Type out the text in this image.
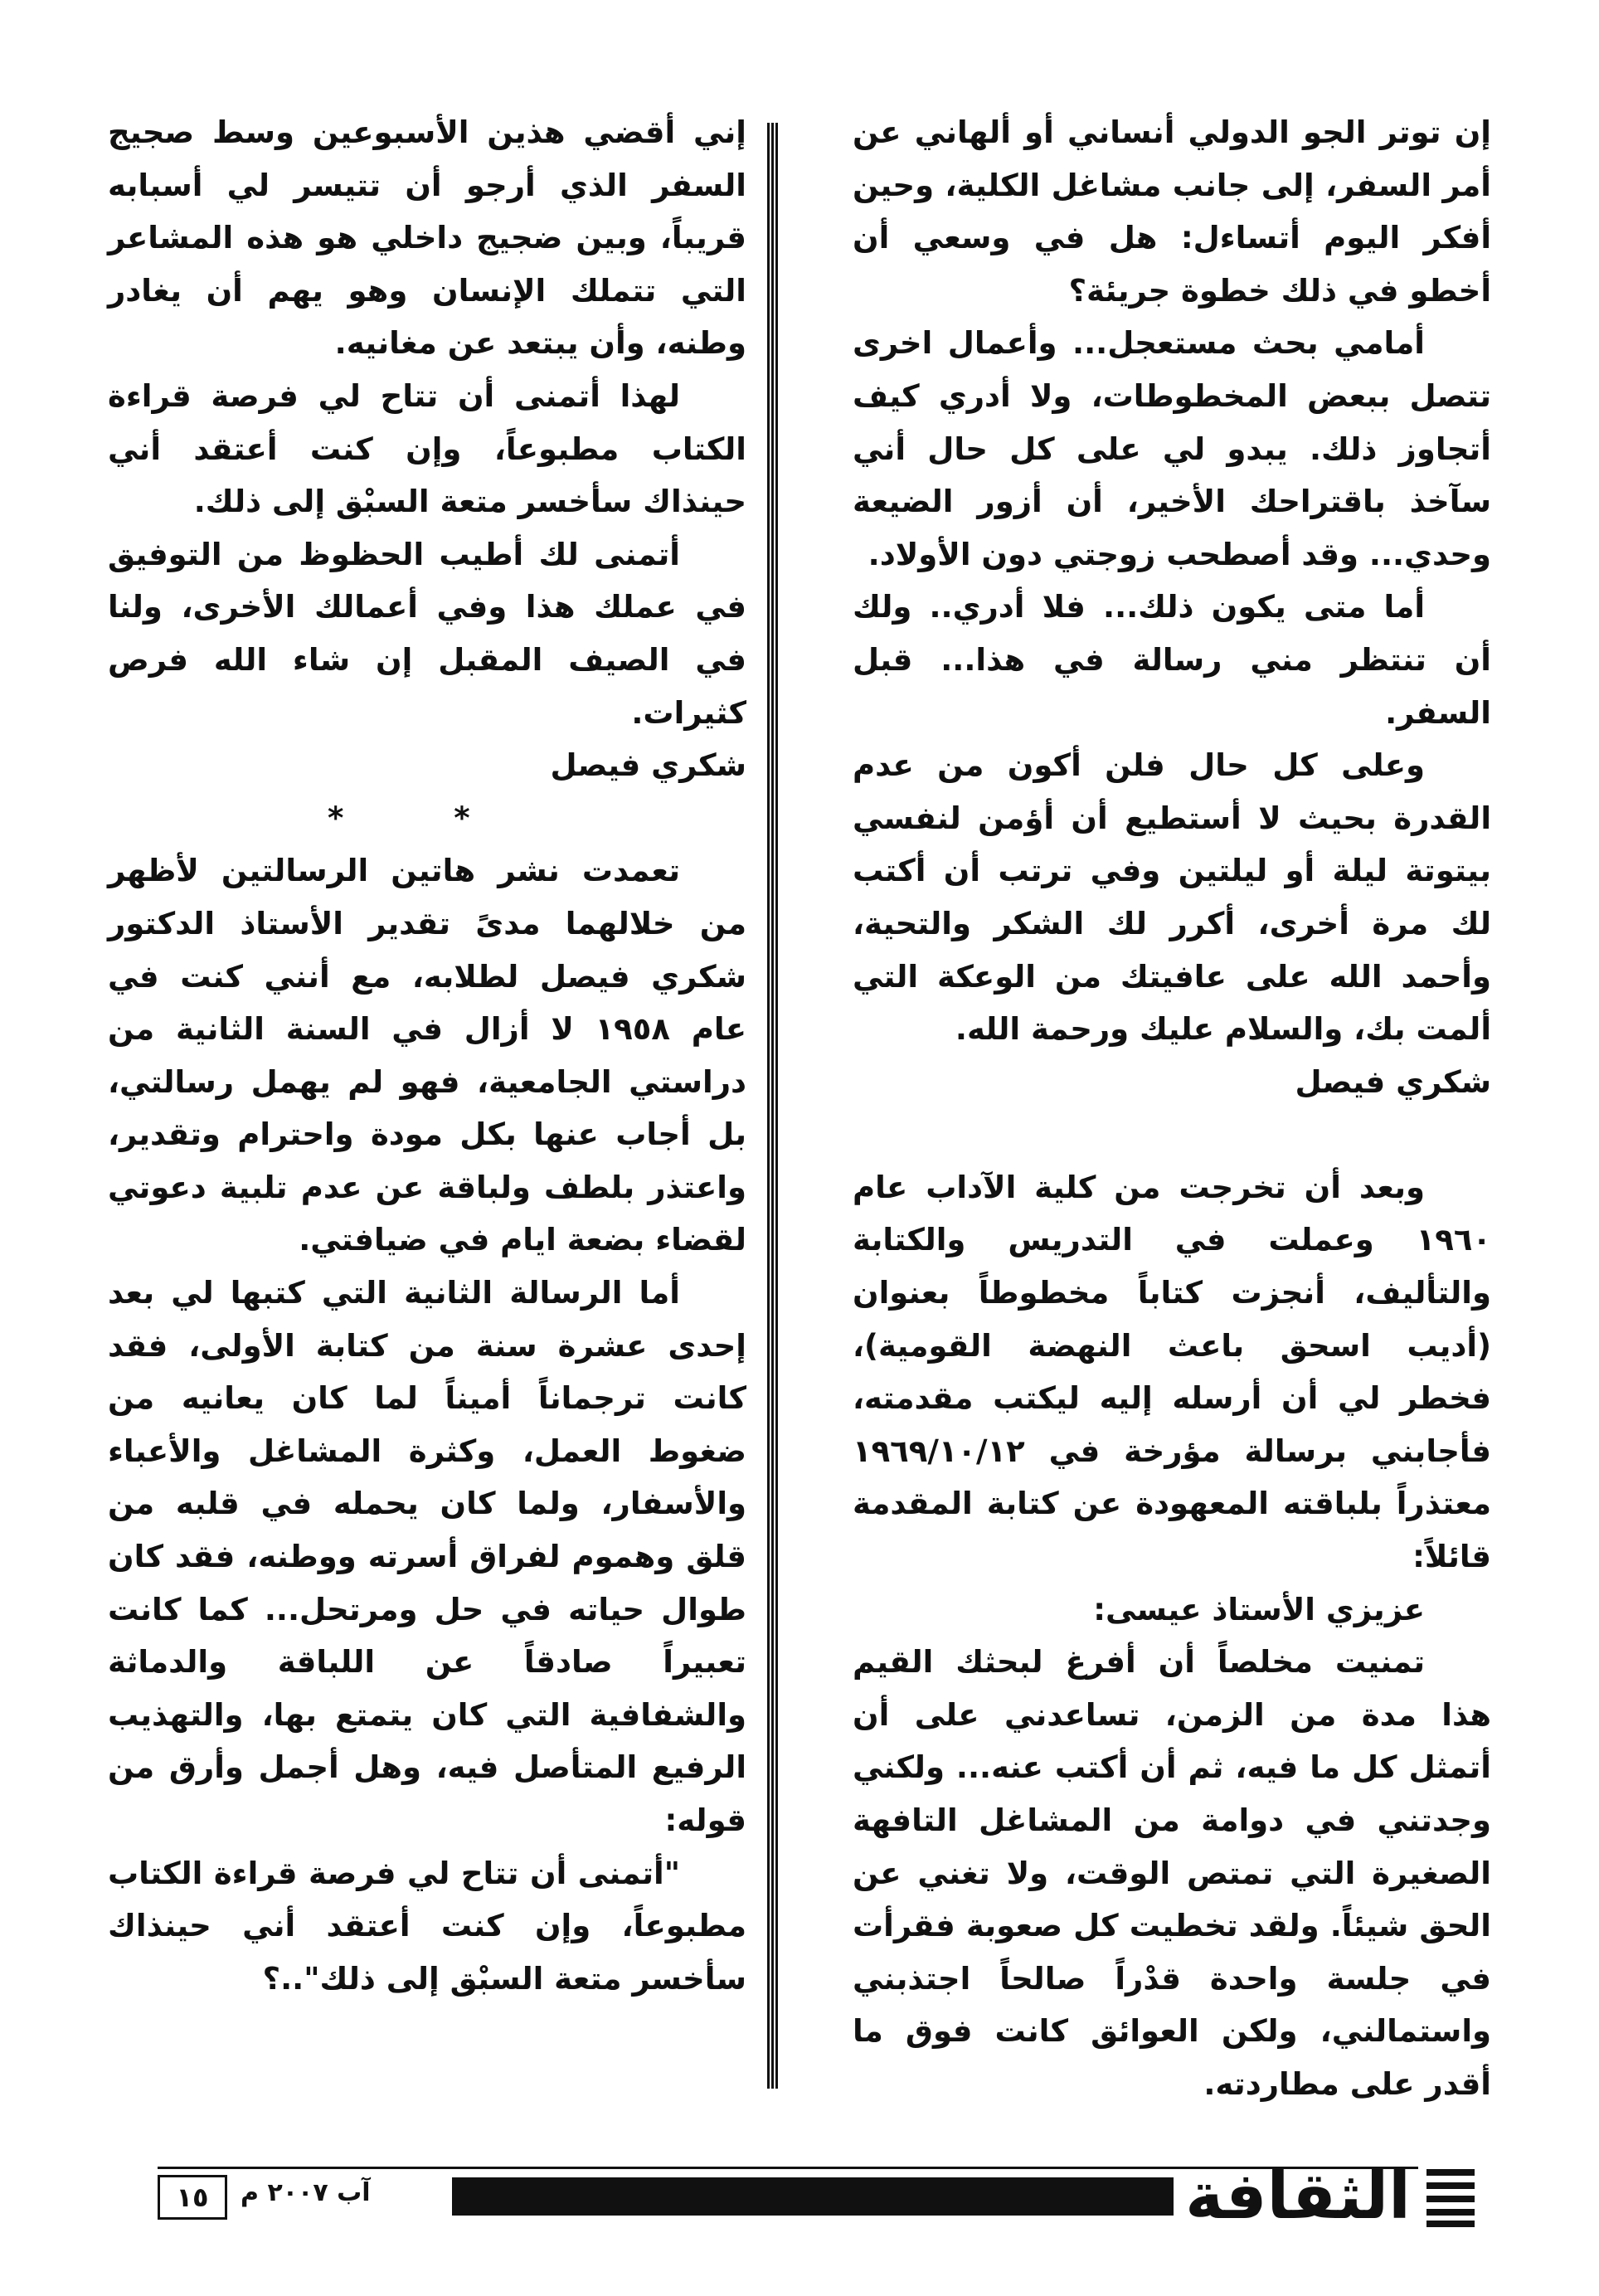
إن توتر الجو الدولي أنساني أو ألهاني عن أمر السفر، إلى جانب مشاغل الكلية، وحين أفكر اليوم أتساءل: هل في وسعي أن أخطو في ذلك خطوة جريئة؟

أمامي بحث مستعجل... وأعمال اخرى تتصل ببعض المخطوطات، ولا أدري كيف أتجاوز ذلك. يبدو لي على كل حال أني سآخذ باقتراحك الأخير، أن أزور الضيعة وحدي... وقد أصطحب زوجتي دون الأولاد.

أما متى يكون ذلك... فلا أدري.. ولك أن تنتظر مني رسالة في هذا... قبل السفر.

وعلى كل حال فلن أكون من عدم القدرة بحيث لا أستطيع أن أؤمن لنفسي بيتوتة ليلة أو ليلتين وفي ترتب أن أكتب لك مرة أخرى، أكرر لك الشكر والتحية، وأحمد الله على عافيتك من الوعكة التي ألمت بك، والسلام عليك ورحمة الله.

شكري فيصل

وبعد أن تخرجت من كلية الآداب عام ١٩٦٠ وعملت في التدريس والكتابة والتأليف، أنجزت كتاباً مخطوطاً بعنوان (أديب اسحق باعث النهضة القومية)، فخطر لي أن أرسله إليه ليكتب مقدمته، فأجابني برسالة مؤرخة في ١٩٦٩/١٠/١٢ معتذراً بلباقته المعهودة عن كتابة المقدمة قائلاً:

عزيزي الأستاذ عيسى:

تمنيت مخلصاً أن أفرغ لبحثك القيم هذا مدة من الزمن، تساعدني على أن أتمثل كل ما فيه، ثم أن أكتب عنه... ولكني وجدتني في دوامة من المشاغل التافهة الصغيرة التي تمتص الوقت، ولا تغني عن الحق شيئاً. ولقد تخطيت كل صعوبة فقرأت في جلسة واحدة قدْراً صالحاً اجتذبني واستمالني، ولكن العوائق كانت فوق ما أقدر على مطاردته.

إني أقضي هذين الأسبوعين وسط صجيج السفر الذي أرجو أن تتيسر لي أسبابه قريباً، وبين ضجيج داخلي هو هذه المشاعر التي تتملك الإنسان وهو يهم أن يغادر وطنه، وأن يبتعد عن مغانيه.

لهذا أتمنى أن تتاح لي فرصة قراءة الكتاب مطبوعاً، وإن كنت أعتقد أني حينذاك سأخسر متعة السبْق إلى ذلك.

أتمنى لك أطيب الحظوظ من التوفيق في عملك هذا وفي أعمالك الأخرى، ولنا في الصيف المقبل إن شاء الله فرص كثيرات.

شكري فيصل

* *

تعمدت نشر هاتين الرسالتين لأظهر من خلالهما مدىً تقدير الأستاذ الدكتور شكري فيصل لطلابه، مع أنني كنت في عام ١٩٥٨ لا أزال في السنة الثانية من دراستي الجامعية، فهو لم يهمل رسالتي، بل أجاب عنها بكل مودة واحترام وتقدير، واعتذر بلطف ولباقة عن عدم تلبية دعوتي لقضاء بضعة ايام في ضيافتي.

أما الرسالة الثانية التي كتبها لي بعد إحدى عشرة سنة من كتابة الأولى، فقد كانت ترجماناً أميناً لما كان يعانيه من ضغوط العمل، وكثرة المشاغل والأعباء والأسفار، ولما كان يحمله في قلبه من قلق وهموم لفراق أسرته ووطنه، فقد كان طوال حياته في حل ومرتحل... كما كانت تعبيراً صادقاً عن اللباقة والدماثة والشفافية التي كان يتمتع بها، والتهذيب الرفيع المتأصل فيه، وهل أجمل وأرق من قوله:

"أتمنى أن تتاح لي فرصة قراءة الكتاب مطبوعاً، وإن كنت أعتقد أني حينذاك سأخسر متعة السبْق إلى ذلك"..؟

١٥ آب ٢٠٠٧ م	الثقافة
